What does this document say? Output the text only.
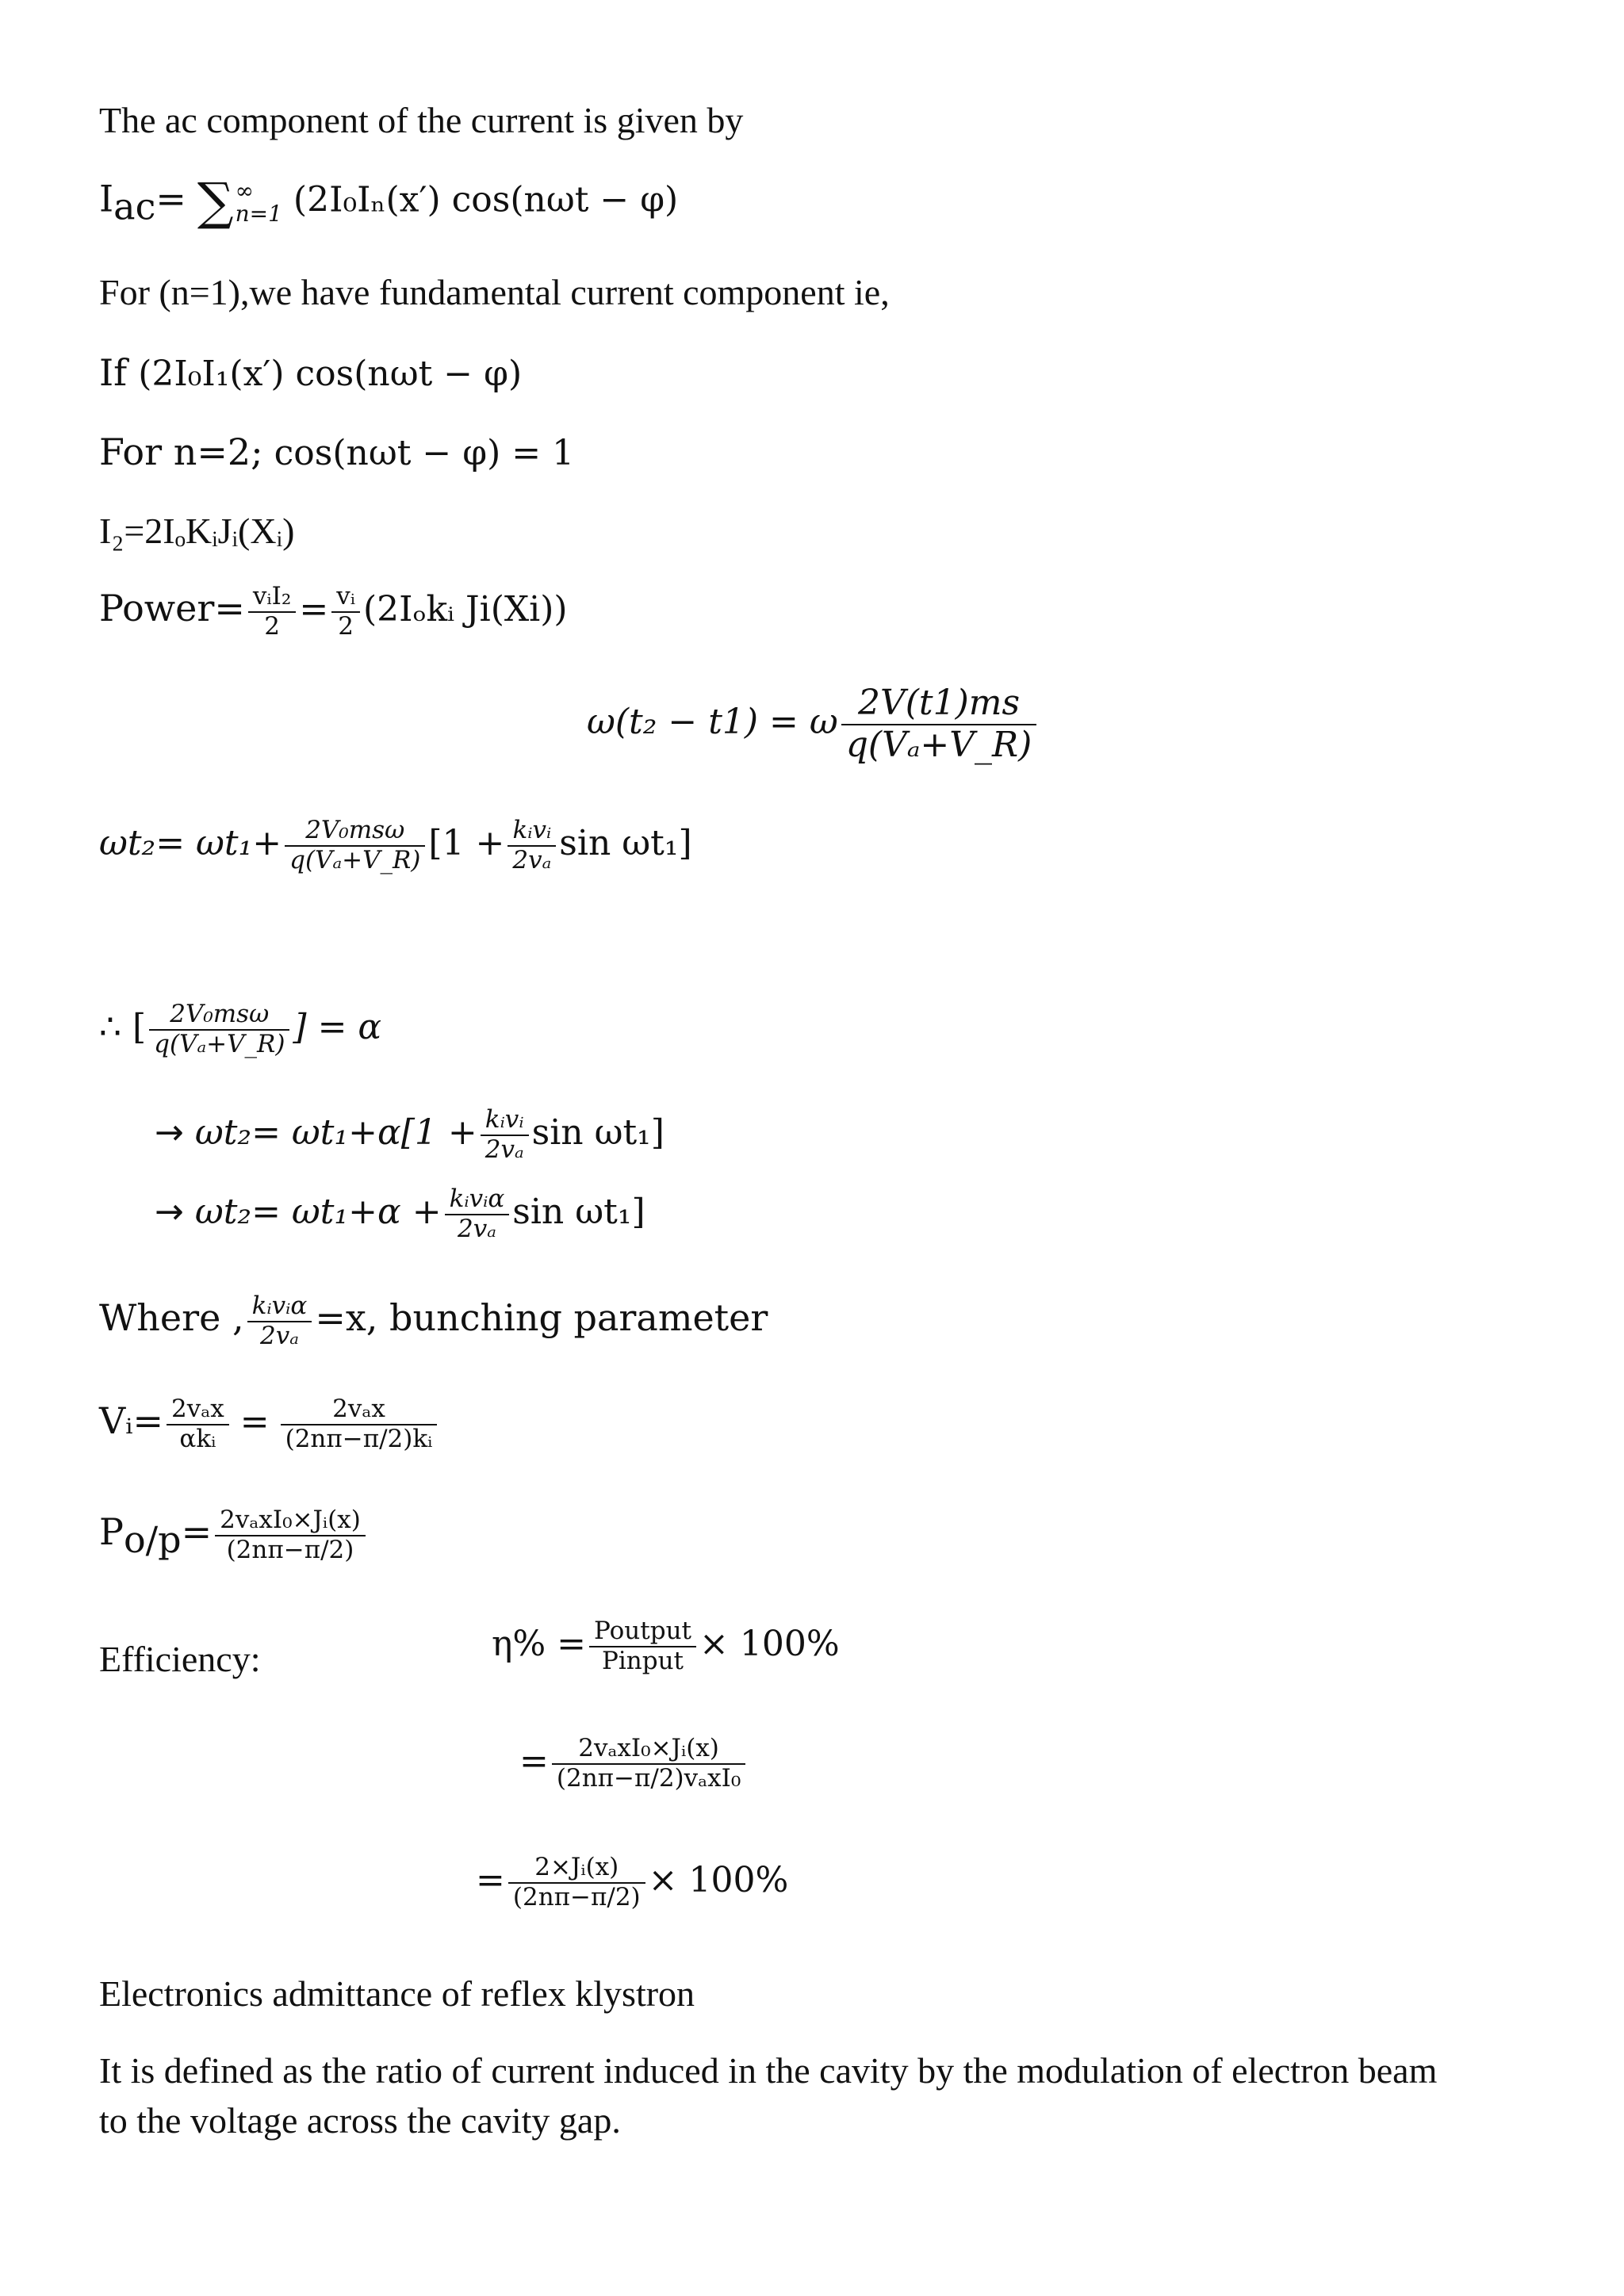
The ac component of the current is given by
$I_{ac}=$ ∑ ∞
n=1 (2I₀Iₙ(x′) cos(nωt − φ)
For (n=1),we have fundamental current component ie,
If (2I₀I₁(x′) cos(nωt − φ)
For n=2; cos(nωt − φ) = 1
I₂=2IₒKᵢJᵢ(Xᵢ)
Power= $\frac{\text{vᵢI₂}}{2} = \frac{\text{vᵢ}}{2}$ (2Iₒkᵢ Ji(Xi))
ω(t₂ − t1) = ω $\frac{2V(t1)ms}{\text{q(Vₐ+V\_R)}}$
$\omega t_2= \omega t_1+ \frac{\text{2V₀msω}}{\text{q(Vₐ+V\_R)}} [1 + \frac{\text{kᵢvᵢ}}{\text{2vₐ}}$ sin ωt₁]
∴ [ $\frac{\text{2V₀msω}}{\text{q(Vₐ+V\_R)}}$ ] = α
→ $\omega t_2= \omega t_1+\alpha[1 + \frac{\text{kᵢvᵢ}}{\text{2vₐ}}$ sin ωt₁]
→ $\omega t_2= \omega t_1+\alpha + \frac{\text{kᵢvᵢα}}{\text{2vₐ}}$ sin ωt₁]
Where , $\frac{\text{kᵢvᵢα}}{\text{2vₐ}} =x$, bunching parameter
Vᵢ= $\frac{\text{2vₐx}}{\text{αkᵢ}} = \frac{\text{2vₐx}}{\text{(2nπ−π/2)kᵢ}}$
$P_{o/p}= \frac{\text{2vₐxI₀×Jᵢ(x)}}{(2n\pi-\pi/2)}$
Efficiency:	$\eta\% = \frac{\text{Poutput}}{\text{Pinput}} \times 100\%$
= $\frac{\text{2vₐxI₀×Jᵢ(x)}}{\text{(2nπ−π/2)vₐxI₀}}$
= $\frac{\text{2×Jᵢ(x)}}{(2n\pi-\pi/2)} \times 100\%$
Electronics admittance of reflex klystron
It is defined as the ratio of current induced in the cavity by the modulation of electron beam
to the voltage across the cavity gap.
